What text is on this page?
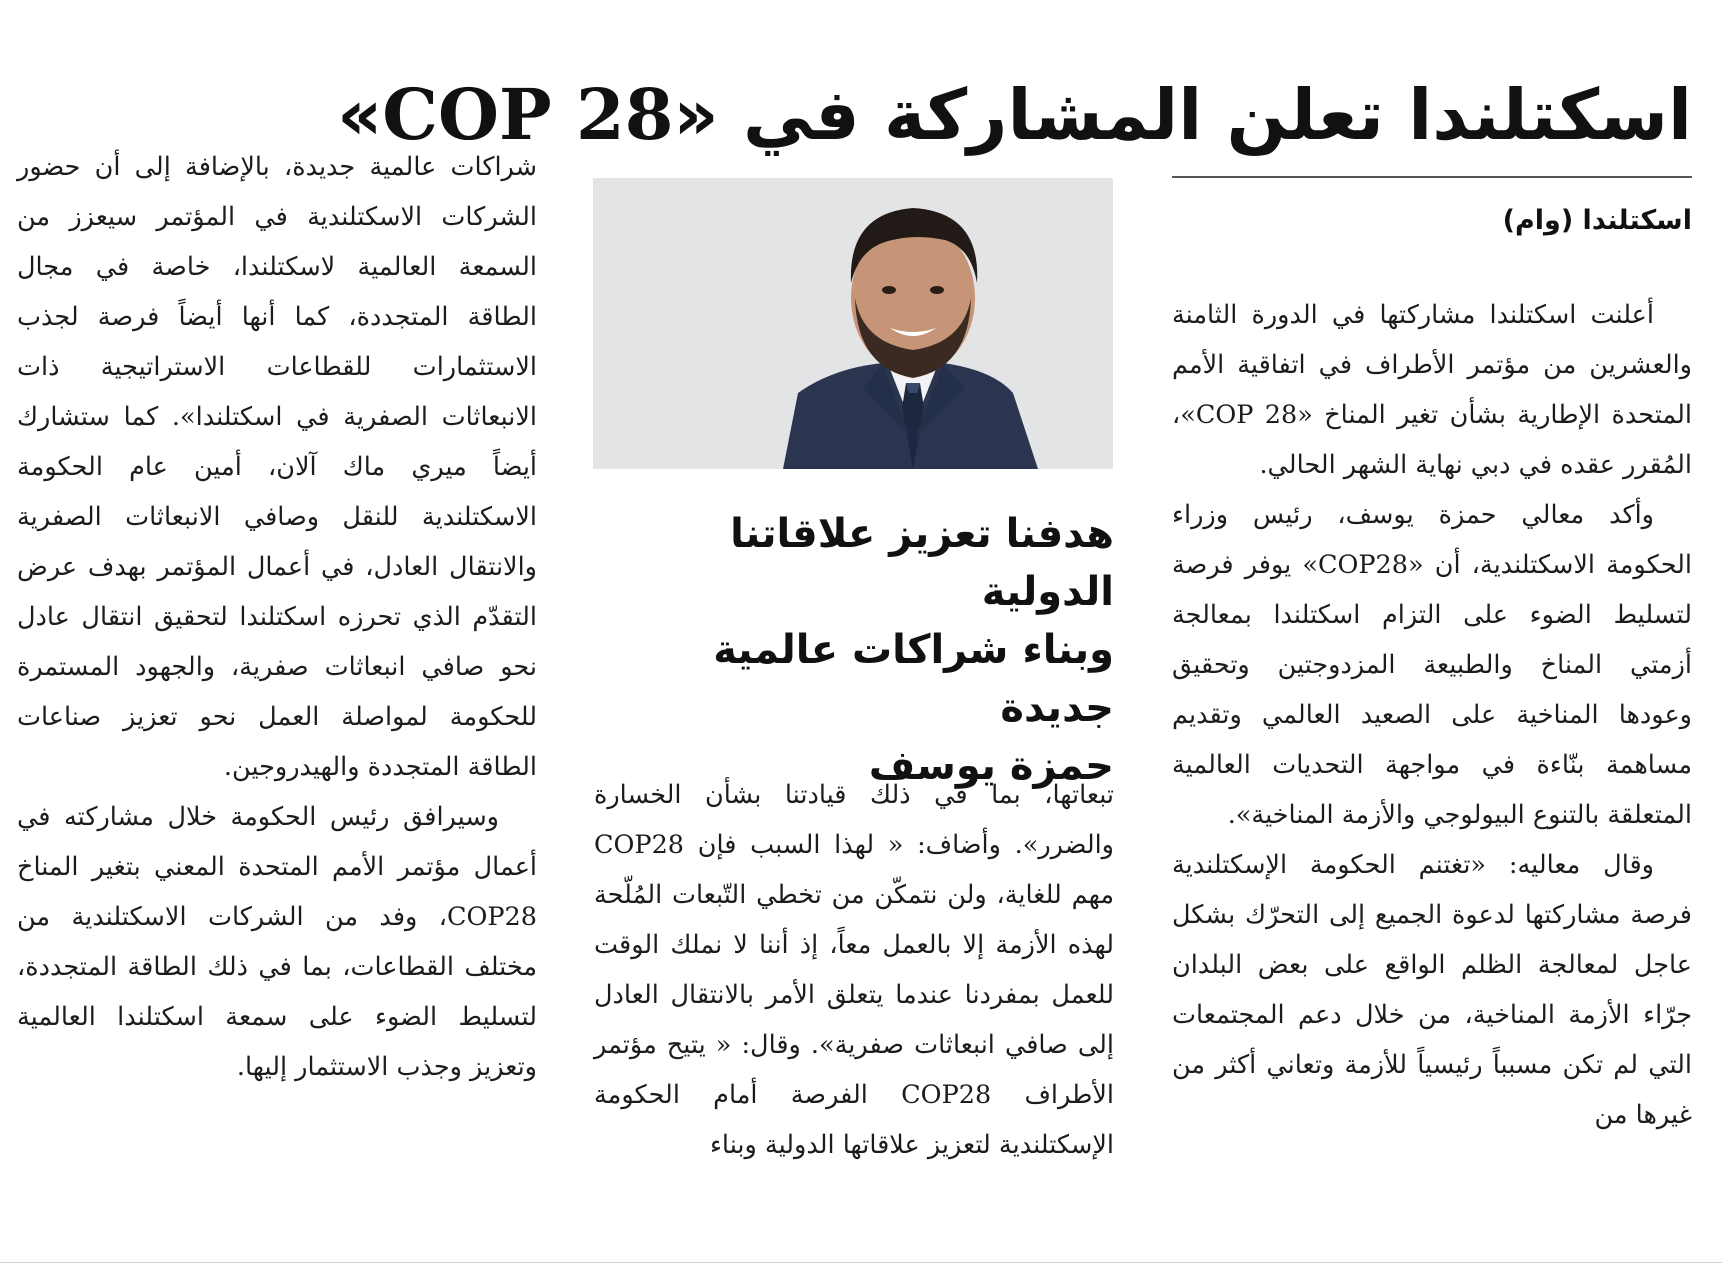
اسكتلندا تعلن المشاركة في «COP 28»
اسكتلندا (وام)

أعلنت اسكتلندا مشاركتها في الدورة الثامنة والعشرين من مؤتمر الأطراف في اتفاقية الأمم المتحدة الإطارية بشأن تغير المناخ «COP 28»، المُقرر عقده في دبي نهاية الشهر الحالي.

وأكد معالي حمزة يوسف، رئيس وزراء الحكومة الاسكتلندية، أن «COP28» يوفر فرصة لتسليط الضوء على التزام اسكتلندا بمعالجة أزمتي المناخ والطبيعة المزدوجتين وتحقيق وعودها المناخية على الصعيد العالمي وتقديم مساهمة بنّاءة في مواجهة التحديات العالمية المتعلقة بالتنوع البيولوجي والأزمة المناخية».

وقال معاليه: «تغتنم الحكومة الإسكتلندية فرصة مشاركتها لدعوة الجميع إلى التحرّك بشكل عاجل لمعالجة الظلم الواقع على بعض البلدان جرّاء الأزمة المناخية، من خلال دعم المجتمعات التي لم تكن مسبباً رئيسياً للأزمة وتعاني أكثر من غيرها من

هدفنا تعزيز علاقاتنا الدولية
وبناء شراكات عالمية جديدة
حمزة يوسف

تبعاتها، بما في ذلك قيادتنا بشأن الخسارة والضرر». وأضاف: « لهذا السبب فإن COP28 مهم للغاية، ولن نتمكّن من تخطي التّبعات المُلّحة لهذه الأزمة إلا بالعمل معاً، إذ أننا لا نملك الوقت للعمل بمفردنا عندما يتعلق الأمر بالانتقال العادل إلى صافي انبعاثات صفرية». وقال: « يتيح مؤتمر الأطراف COP28 الفرصة أمام الحكومة الإسكتلندية لتعزيز علاقاتها الدولية وبناء

شراكات عالمية جديدة، بالإضافة إلى أن حضور الشركات الاسكتلندية في المؤتمر سيعزز من السمعة العالمية لاسكتلندا، خاصة في مجال الطاقة المتجددة، كما أنها أيضاً فرصة لجذب الاستثمارات للقطاعات الاستراتيجية ذات الانبعاثات الصفرية في اسكتلندا». كما ستشارك أيضاً ميري ماك آلان، أمين عام الحكومة الاسكتلندية للنقل وصافي الانبعاثات الصفرية والانتقال العادل، في أعمال المؤتمر بهدف عرض التقدّم الذي تحرزه اسكتلندا لتحقيق انتقال عادل نحو صافي انبعاثات صفرية، والجهود المستمرة للحكومة لمواصلة العمل نحو تعزيز صناعات الطاقة المتجددة والهيدروجين.

وسيرافق رئيس الحكومة خلال مشاركته في أعمال مؤتمر الأمم المتحدة المعني بتغير المناخ COP28، وفد من الشركات الاسكتلندية من مختلف القطاعات، بما في ذلك الطاقة المتجددة، لتسليط الضوء على سمعة اسكتلندا العالمية وتعزيز وجذب الاستثمار إليها.
